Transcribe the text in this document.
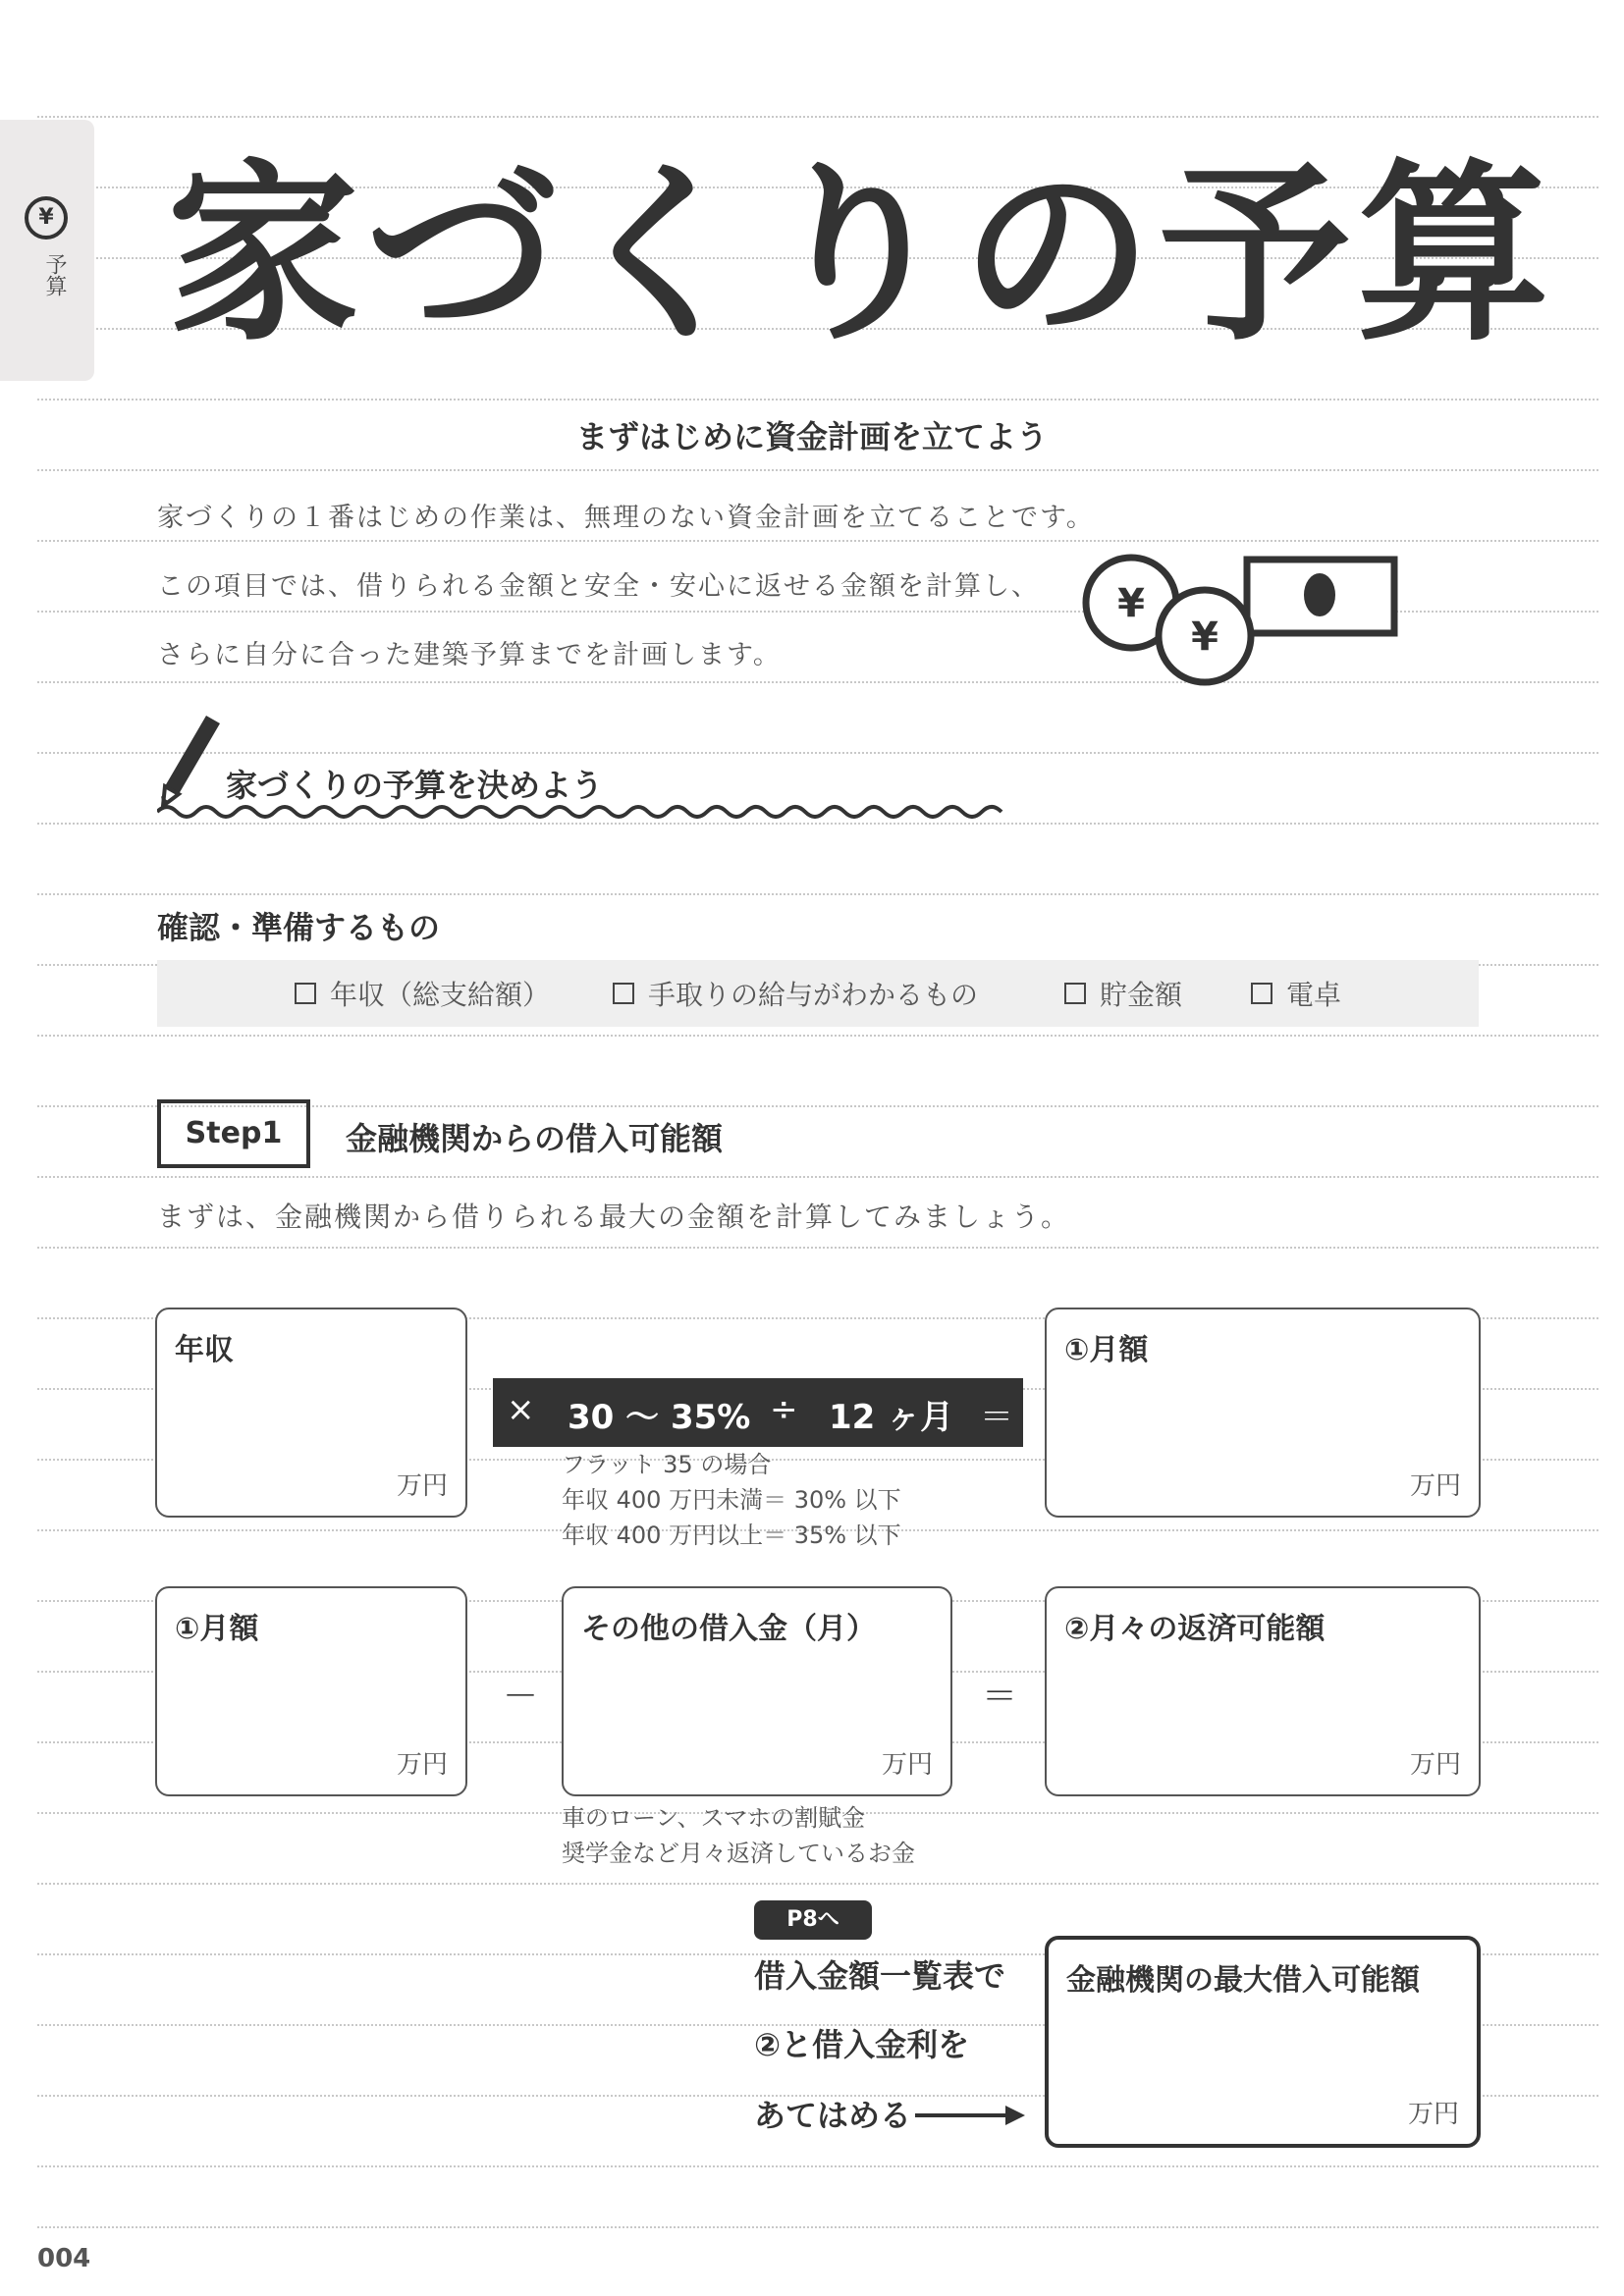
¥
予算 家づくりの予算
まずはじめに資金計画を立てよう
家づくりの１番はじめの作業は、無理のない資金計画を立てることです。
この項目では、借りられる金額と安全・安心に返せる金額を計算し、
さらに自分に合った建築予算までを計画します。
¥
¥
家づくりの予算を決めよう
確認・準備するもの
年収（総支給額）	手取りの給与がわかるもの	貯金額	電卓
Step1	金融機関からの借入可能額
まずは、金融機関から借りられる最大の金額を計算してみましょう。
年収
万円
× 30 ～ 35% ÷ 12 ヶ月 ＝
フラット 35 の場合
年収 400 万円未満＝ 30% 以下
年収 400 万円以上＝ 35% 以下
①月額
万円
①月額
万円
－
その他の借入金（月）
万円
＝
②月々の返済可能額
万円
車のローン、スマホの割賦金
奨学金など月々返済しているお金
P8へ
借入金額一覧表で
②と借入金利を
あてはめる
金融機関の最大借入可能額
万円
004
